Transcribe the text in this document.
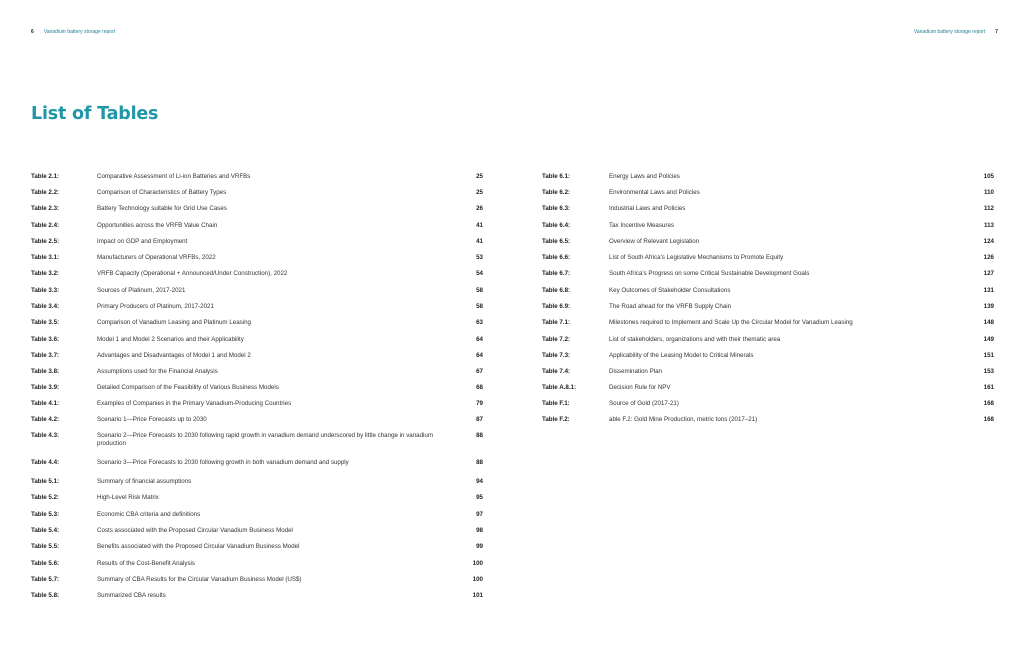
6 Vanadium battery storage report
List of Tables
Table 2.1:	Comparative Assessment of Li-ion Batteries and VRFBs	25
Table 2.2:	Comparison of Characteristics of Battery Types	25
Table 2.3:	Battery Technology suitable for Grid Use Cases	26
Table 2.4:	Opportunities across the VRFB Value Chain	41
Table 2.5:	Impact on GDP and Employment	41
Table 3.1:	Manufacturers of Operational VRFBs, 2022	53
Table 3.2:	VRFB Capacity (Operational + Announced/Under Construction), 2022	54
Table 3.3:	Sources of Platinum, 2017-2021	58
Table 3.4:	Primary Producers of Platinum, 2017-2021	58
Table 3.5:	Comparison of Vanadium Leasing and Platinum Leasing	63
Table 3.6:	Model 1 and Model 2 Scenarios and their Applicability	64
Table 3.7:	Advantages and Disadvantages of Model 1 and Model 2	64
Table 3.8:	Assumptions used for the Financial Analysis	67
Table 3.9:	Detailed Comparison of the Feasibility of Various Business Models	68
Table 4.1:	Examples of Companies in the Primary Vanadium-Producing Countries	79
Table 4.2:	Scenario 1—Price Forecasts up to 2030	87
Table 4.3:	Scenario 2—Price Forecasts to 2030 following rapid growth in vanadium demand underscored by little change in vanadium production
88
Table 4.4:	Scenario 3—Price Forecasts to 2030 following growth in both vanadium demand and supply	88
Table 5.1:	Summary of financial assumptions	94
Table 5.2:	High-Level Risk Matrix	95
Table 5.3:	Economic CBA criteria and definitions	97
Table 5.4:	Costs associated with the Proposed Circular Vanadium Business Model	98
Table 5.5:	Benefits associated with the Proposed Circular Vanadium Business Model	99
Table 5.6:	Results of the Cost-Benefit Analysis	100
Table 5.7:	Summary of CBA Results for the Circular Vanadium Business Model (US$)	100
Table 5.8:	Summarized CBA results	101
Vanadium battery storage report 7
Table 6.1:	Energy Laws and Policies	105
Table 6.2:	Environmental Laws and Policies	110
Table 6.3:	Industrial Laws and Policies	112
Table 6.4:	Tax Incentive Measures	113
Table 6.5:	Overview of Relevant Legislation	124
Table 6.6:	List of South Africa's Legislative Mechanisms to Promote Equity	126
Table 6.7:	South Africa's Progress on some Critical Sustainable Development Goals	127
Table 6.8:	Key Outcomes of Stakeholder Consultations	131
Table 6.9:	The Road ahead for the VRFB Supply Chain	139
Table 7.1:	Milestones required to Implement and Scale Up the Circular Model for Vanadium Leasing	148
Table 7.2:	List of stakeholders, organizations and with their thematic area	149
Table 7.3:	Applicability of the Leasing Model to Critical Minerals	151
Table 7.4:	Dissemination Plan	153
Table A.8.1:	Decision Rule for NPV	161
Table F.1:	Source of Gold (2017-21)	168
Table F.2:	able F.2: Gold Mine Production, metric tons (2017–21)	168
